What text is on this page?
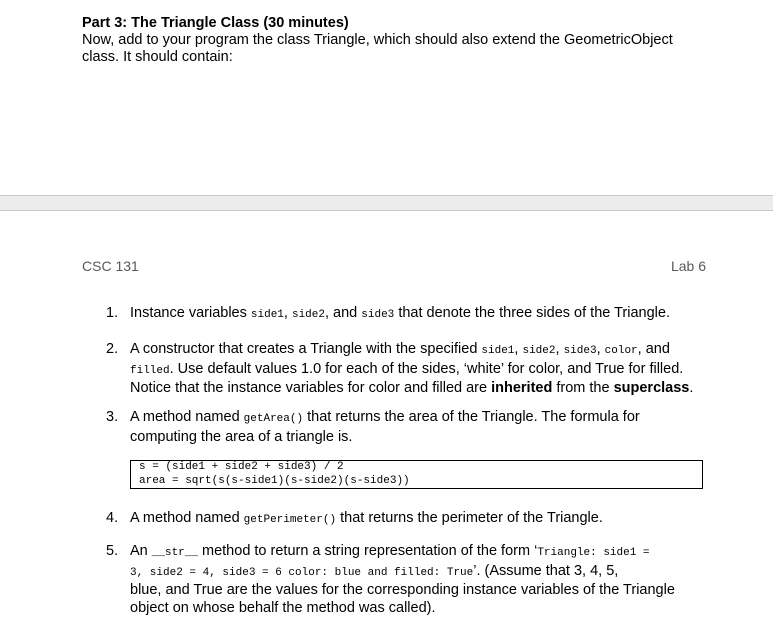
Part 3: The Triangle Class (30 minutes)
Now, add to your program the class Triangle, which should also extend the GeometricObject
class. It should contain:
CSC 131	Lab 6
1. Instance variables side1, side2, and side3 that denote the three sides of the Triangle.
2. A constructor that creates a Triangle with the specified side1, side2, side3, color, and
filled. Use default values 1.0 for each of the sides, ‘white’ for color, and True for filled.
Notice that the instance variables for color and filled are inherited from the superclass.
3. A method named getArea() that returns the area of the Triangle. The formula for
computing the area of a triangle is.
s = (side1 + side2 + side3) / 2
area = sqrt(s(s-side1)(s-side2)(s-side3))
4. A method named getPerimeter() that returns the perimeter of the Triangle.
5. An __str__ method to return a string representation of the form ‘Triangle: side1 =
3, side2 = 4, side3 = 6 color: blue and filled: True’. (Assume that 3, 4, 5,
blue, and True are the values for the corresponding instance variables of the Triangle
object on whose behalf the method was called).
